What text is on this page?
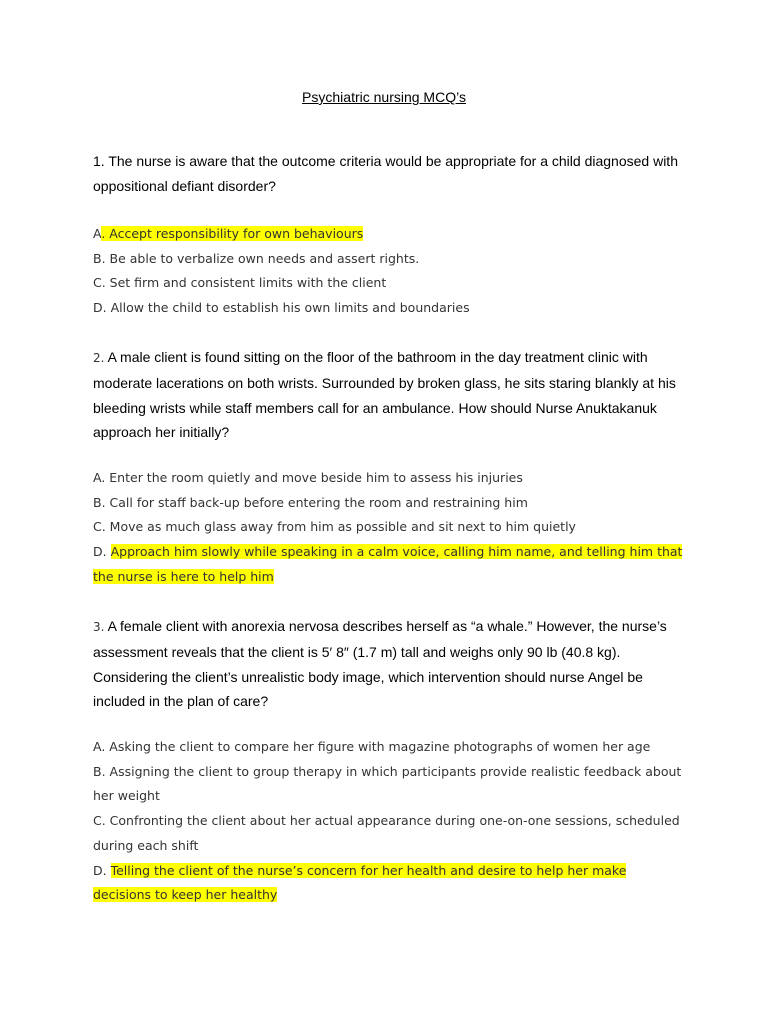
Psychiatric nursing MCQ’s
1. The nurse is aware that the outcome criteria would be appropriate for a child diagnosed with oppositional defiant disorder?

A. Accept responsibility for own behaviours

B. Be able to verbalize own needs and assert rights.

C. Set firm and consistent limits with the client

D. Allow the child to establish his own limits and boundaries

2. A male client is found sitting on the floor of the bathroom in the day treatment clinic with moderate lacerations on both wrists. Surrounded by broken glass, he sits staring blankly at his bleeding wrists while staff members call for an ambulance. How should Nurse Anuktakanuk approach her initially?

A. Enter the room quietly and move beside him to assess his injuries

B. Call for staff back-up before entering the room and restraining him

C. Move as much glass away from him as possible and sit next to him quietly

D. Approach him slowly while speaking in a calm voice, calling him name, and telling him that the nurse is here to help him

3. A female client with anorexia nervosa describes herself as “a whale.” However, the nurse’s assessment reveals that the client is 5′ 8″ (1.7 m) tall and weighs only 90 lb (40.8 kg). Considering the client’s unrealistic body image, which intervention should nurse Angel be included in the plan of care?

A. Asking the client to compare her figure with magazine photographs of women her age

B. Assigning the client to group therapy in which participants provide realistic feedback about her weight

C. Confronting the client about her actual appearance during one-on-one sessions, scheduled during each shift

D. Telling the client of the nurse’s concern for her health and desire to help her make decisions to keep her healthy
